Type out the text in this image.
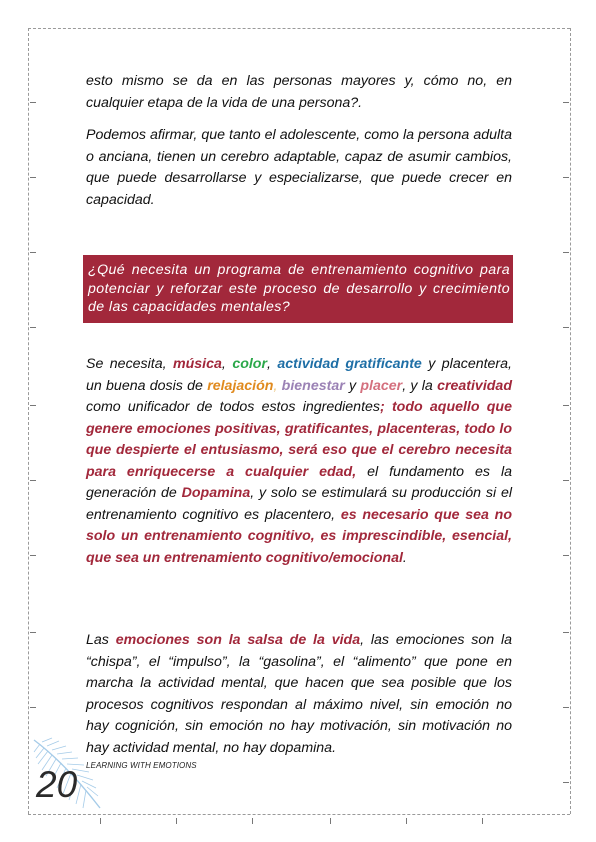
esto mismo se da en las personas mayores y, cómo no, en cualquier etapa de la vida de una persona?.

Podemos afirmar, que tanto el adolescente, como la persona adulta o anciana, tienen un cerebro adaptable, capaz de asumir cambios, que puede desarrollarse y especializarse, que puede crecer en capacidad.

¿Qué necesita un programa de entrenamiento cognitivo para potenciar y reforzar este proceso de desarrollo y crecimiento de las capacidades mentales?

Se necesita, música, color, actividad gratificante y placentera, un buena dosis de relajación, bienestar y placer, y la creatividad como unificador de todos estos ingredientes; todo aquello que genere emociones positivas, gratificantes, placenteras, todo lo que despierte el entusiasmo, será eso que el cerebro necesita para enriquecerse a cualquier edad, el fundamento es la generación de Dopamina, y solo se estimulará su producción si el entrenamiento cognitivo es placentero, es necesario que sea no solo un entrenamiento cognitivo, es imprescindible, esencial, que sea un entrenamiento cognitivo/emocional.

Las emociones son la salsa de la vida, las emociones son la “chispa”, el “impulso”, la “gasolina”, el “alimento” que pone en marcha la actividad mental, que hacen que sea posible que los procesos cognitivos respondan al máximo nivel, sin emoción no hay cognición, sin emoción no hay motivación, sin motivación no hay actividad mental, no hay dopamina.

LEARNING WITH EMOTIONS
20
